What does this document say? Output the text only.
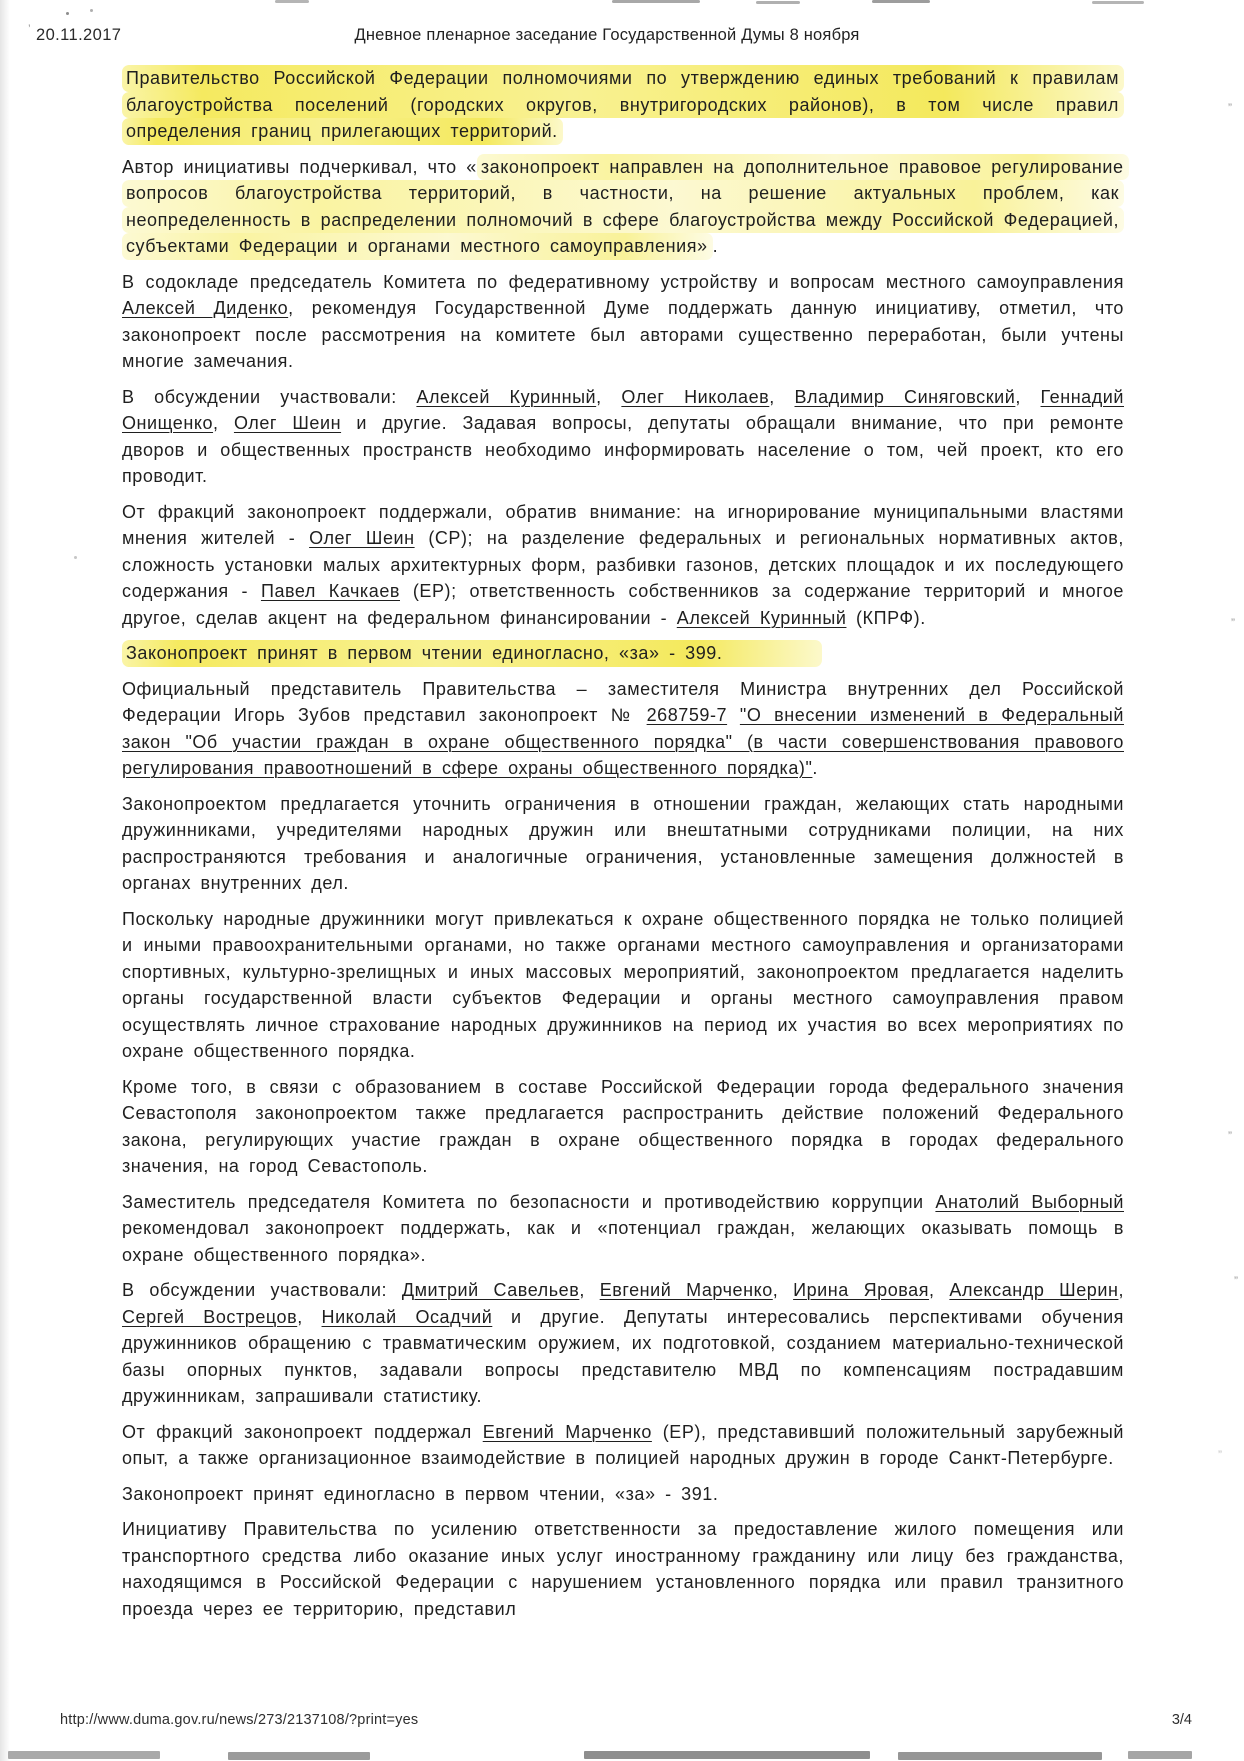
20.11.2017	Дневное пленарное заседание Государственной Думы 8 ноября

Правительство Российской Федерации полномочиями по утверждению единых требований к правилам благоустройства поселений (городских округов, внутригородских районов), в том числе правил определения границ прилегающих территорий.

Автор инициативы подчеркивал, что « законопроект направлен на дополнительное правовое регулирование вопросов благоустройства территорий, в частности, на решение актуальных проблем, как неопределенность в распределении полномочий в сфере благоустройства между Российской Федерацией, субъектами Федерации и органами местного самоуправления» .

В содокладе председатель Комитета по федеративному устройству и вопросам местного самоуправления Алексей Диденко, рекомендуя Государственной Думе поддержать данную инициативу, отметил, что законопроект после рассмотрения на комитете был авторами существенно переработан, были учтены многие замечания.

В обсуждении участвовали: Алексей Куринный, Олег Николаев, Владимир Синяговский, Геннадий Онищенко, Олег Шеин и другие. Задавая вопросы, депутаты обращали внимание, что при ремонте дворов и общественных пространств необходимо информировать население о том, чей проект, кто его проводит.

От фракций законопроект поддержали, обратив внимание: на игнорирование муниципальными властями мнения жителей - Олег Шеин (СР); на разделение федеральных и региональных нормативных актов, сложность установки малых архитектурных форм, разбивки газонов, детских площадок и их последующего содержания - Павел Качкаев (ЕР); ответственность собственников за содержание территорий и многое другое, сделав акцент на федеральном финансировании - Алексей Куринный (КПРФ).

Законопроект принят в первом чтении единогласно, «за» - 399.

Официальный представитель Правительства – заместителя Министра внутренних дел Российской Федерации Игорь Зубов представил законопроект № 268759-7 "О внесении изменений в Федеральный закон "Об участии граждан в охране общественного порядка" (в части совершенствования правового регулирования правоотношений в сфере охраны общественного порядка)".

Законопроектом предлагается уточнить ограничения в отношении граждан, желающих стать народными дружинниками, учредителями народных дружин или внештатными сотрудниками полиции, на них распространяются требования и аналогичные ограничения, установленные замещения должностей в органах внутренних дел.

Поскольку народные дружинники могут привлекаться к охране общественного порядка не только полицией и иными правоохранительными органами, но также органами местного самоуправления и организаторами спортивных, культурно-зрелищных и иных массовых мероприятий, законопроектом предлагается наделить органы государственной власти субъектов Федерации и органы местного самоуправления правом осуществлять личное страхование народных дружинников на период их участия во всех мероприятиях по охране общественного порядка.

Кроме того, в связи с образованием в составе Российской Федерации города федерального значения Севастополя законопроектом также предлагается распространить действие положений Федерального закона, регулирующих участие граждан в охране общественного порядка в городах федерального значения, на город Севастополь.

Заместитель председателя Комитета по безопасности и противодействию коррупции Анатолий Выборный рекомендовал законопроект поддержать, как и «потенциал граждан, желающих оказывать помощь в охране общественного порядка».

В обсуждении участвовали: Дмитрий Савельев, Евгений Марченко, Ирина Яровая, Александр Шерин, Сергей Вострецов, Николай Осадчий и другие. Депутаты интересовались перспективами обучения дружинников обращению с травматическим оружием, их подготовкой, созданием материально-технической базы опорных пунктов, задавали вопросы представителю МВД по компенсациям пострадавшим дружинникам, запрашивали статистику.

От фракций законопроект поддержал Евгений Марченко (ЕР), представивший положительный зарубежный опыт, а также организационное взаимодействие в полицией народных дружин в городе Санкт-Петербурге.

Законопроект принят единогласно в первом чтении, «за» - 391.

Инициативу Правительства по усилению ответственности за предоставление жилого помещения или транспортного средства либо оказание иных услуг иностранному гражданину или лицу без гражданства, находящимся в Российской Федерации с нарушением установленного порядка или правил транзитного проезда через ее территорию, представил

http://www.duma.gov.ru/news/273/2137108/?print=yes	3/4
’
”
”
”
”
”
